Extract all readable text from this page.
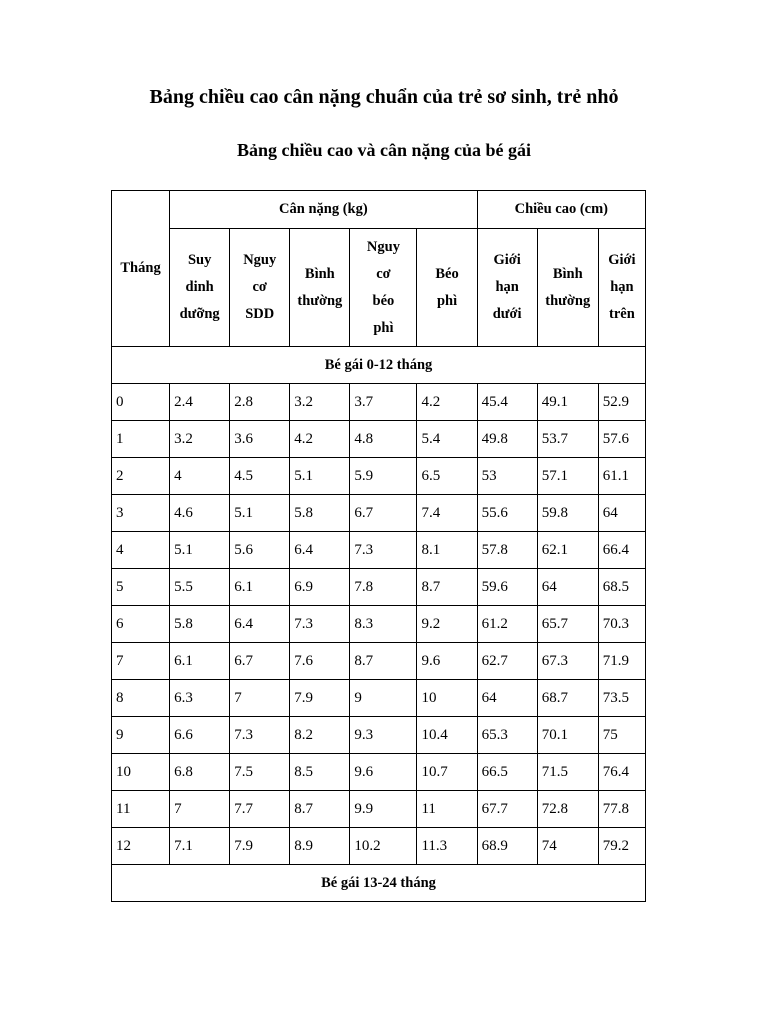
Bảng chiều cao cân nặng chuẩn của trẻ sơ sinh, trẻ nhỏ
Bảng chiều cao và cân nặng của bé gái
Tháng	Cân nặng (kg)					Chiều cao (cm)		
	Suy
dinh
dưỡng	Nguy
cơ
SDD	Bình
thường	Nguy
cơ
béo
phì	Béo
phì	Giới
hạn
dưới	Bình
thường	Giới
hạn
trên
Bé gái 0-12 tháng								
0	2.4	2.8	3.2	3.7	4.2	45.4	49.1	52.9
1	3.2	3.6	4.2	4.8	5.4	49.8	53.7	57.6
2	4	4.5	5.1	5.9	6.5	53	57.1	61.1
3	4.6	5.1	5.8	6.7	7.4	55.6	59.8	64
4	5.1	5.6	6.4	7.3	8.1	57.8	62.1	66.4
5	5.5	6.1	6.9	7.8	8.7	59.6	64	68.5
6	5.8	6.4	7.3	8.3	9.2	61.2	65.7	70.3
7	6.1	6.7	7.6	8.7	9.6	62.7	67.3	71.9
8	6.3	7	7.9	9	10	64	68.7	73.5
9	6.6	7.3	8.2	9.3	10.4	65.3	70.1	75
10	6.8	7.5	8.5	9.6	10.7	66.5	71.5	76.4
11	7	7.7	8.7	9.9	11	67.7	72.8	77.8
12	7.1	7.9	8.9	10.2	11.3	68.9	74	79.2
Bé gái 13-24 tháng								
